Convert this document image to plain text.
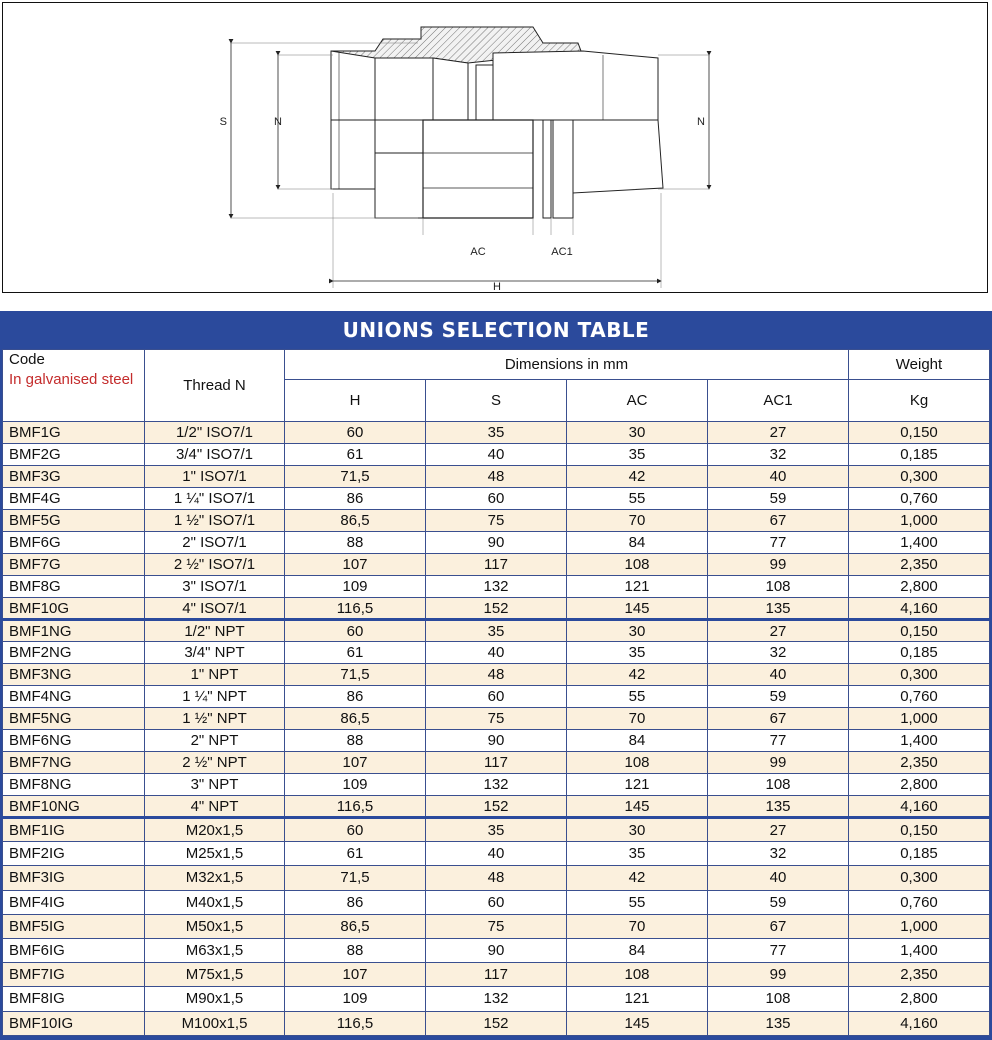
S	N	N
AC	AC1
H
UNIONS SELECTION TABLE
Code
In galvanised steel	Thread N	Dimensions in mm				Weight
		H	S	AC	AC1	Kg
BMF1G	1/2" ISO7/1	60	35	30	27	0,150
BMF2G	3/4" ISO7/1	61	40	35	32	0,185
BMF3G	1" ISO7/1	71,5	48	42	40	0,300
BMF4G	1 ¼" ISO7/1	86	60	55	59	0,760
BMF5G	1 ½" ISO7/1	86,5	75	70	67	1,000
BMF6G	2" ISO7/1	88	90	84	77	1,400
BMF7G	2 ½" ISO7/1	107	117	108	99	2,350
BMF8G	3" ISO7/1	109	132	121	108	2,800
BMF10G	4" ISO7/1	116,5	152	145	135	4,160
BMF1NG	1/2" NPT	60	35	30	27	0,150
BMF2NG	3/4" NPT	61	40	35	32	0,185
BMF3NG	1" NPT	71,5	48	42	40	0,300
BMF4NG	1 ¼" NPT	86	60	55	59	0,760
BMF5NG	1 ½" NPT	86,5	75	70	67	1,000
BMF6NG	2" NPT	88	90	84	77	1,400
BMF7NG	2 ½" NPT	107	117	108	99	2,350
BMF8NG	3" NPT	109	132	121	108	2,800
BMF10NG	4" NPT	116,5	152	145	135	4,160
BMF1IG	M20x1,5	60	35	30	27	0,150
BMF2IG	M25x1,5	61	40	35	32	0,185
BMF3IG	M32x1,5	71,5	48	42	40	0,300
BMF4IG	M40x1,5	86	60	55	59	0,760
BMF5IG	M50x1,5	86,5	75	70	67	1,000
BMF6IG	M63x1,5	88	90	84	77	1,400
BMF7IG	M75x1,5	107	117	108	99	2,350
BMF8IG	M90x1,5	109	132	121	108	2,800
BMF10IG	M100x1,5	116,5	152	145	135	4,160
